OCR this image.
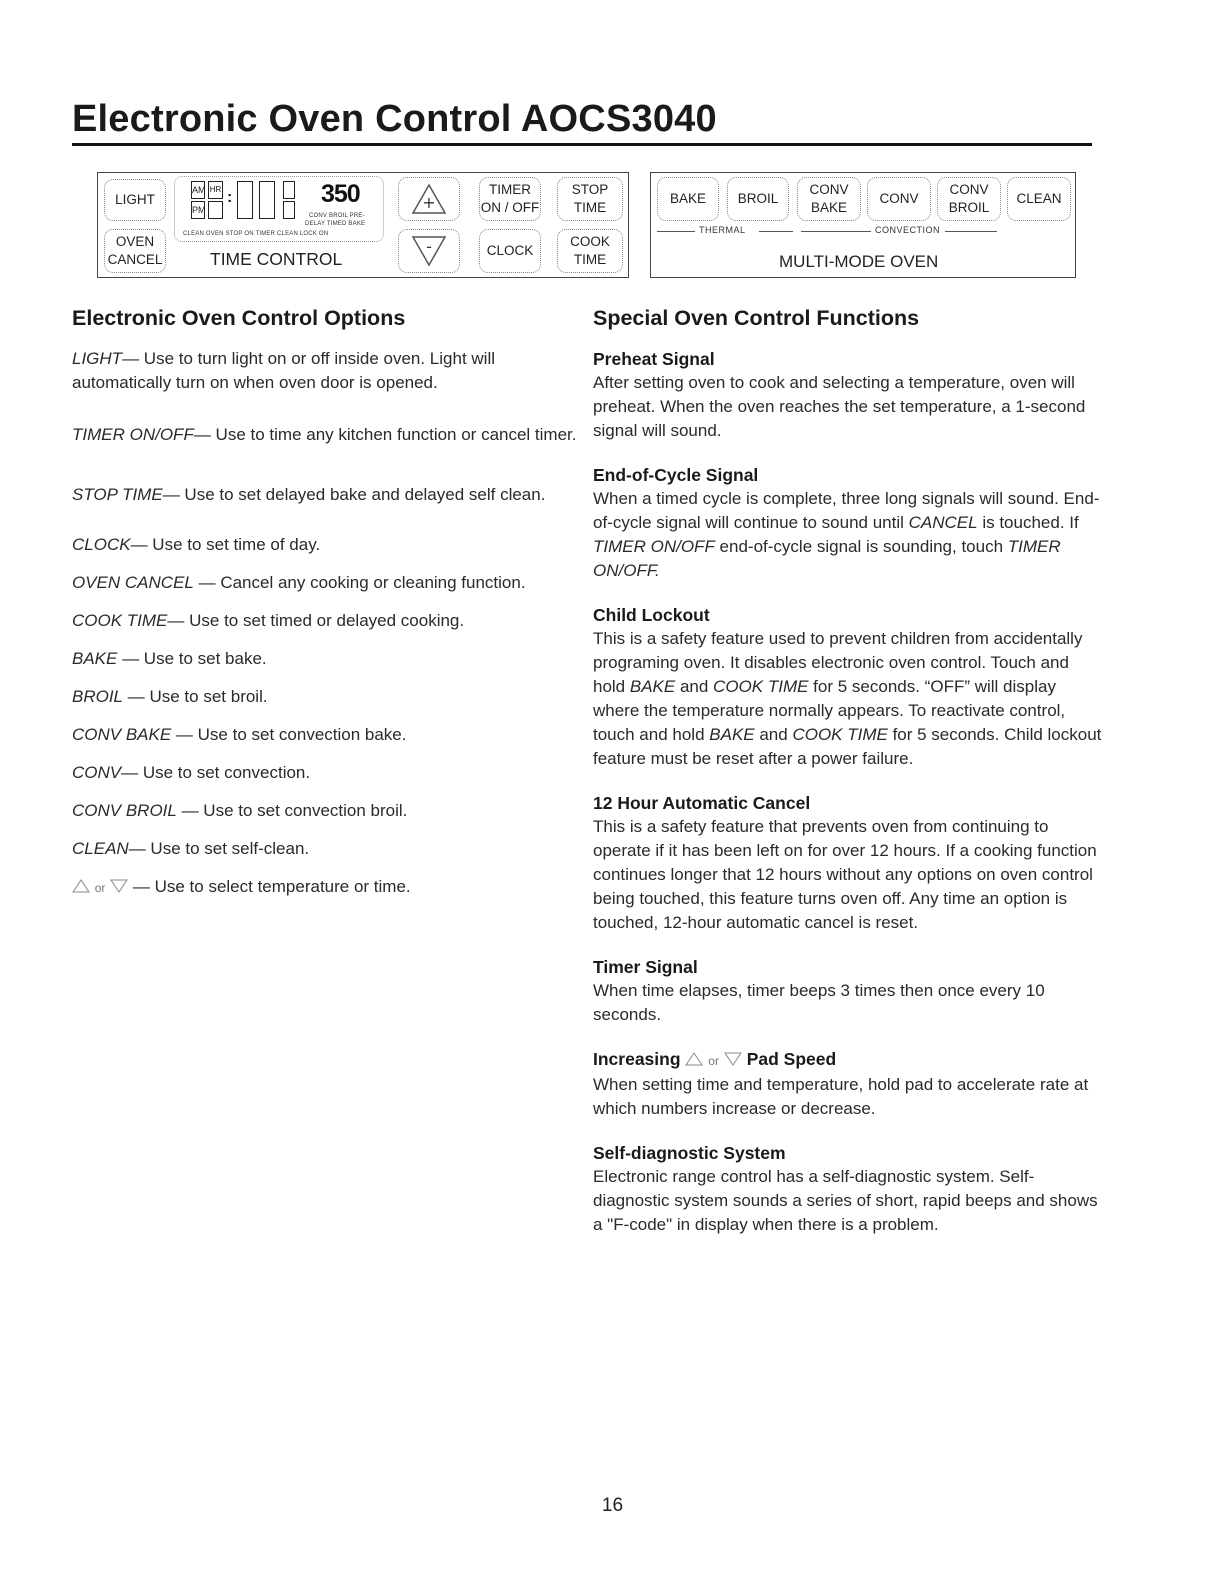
Electronic Oven Control AOCS3040
LIGHT
OVEN
CANCEL
AM
PM
HR :	350
CONV BROIL PRE-
DELAY TIMED BAKE
CLEAN OVEN STOP ON TIMER CLEAN LOCK ON
TIME CONTROL
+
-
TIMER
ON / OFF
CLOCK
STOP
TIME
COOK
TIME
BAKE BROIL
CONV
BAKE
CONV
CONV
BROIL
CLEAN
THERMAL	CONVECTION
MULTI-MODE OVEN
Electronic Oven Control Options
LIGHT— Use to turn light on or off inside oven. Light will automatically turn on when oven door is opened.
TIMER ON/OFF— Use to time any kitchen function or cancel timer.
STOP TIME— Use to set delayed bake and delayed self clean.
CLOCK— Use to set time of day.
OVEN CANCEL — Cancel any cooking or cleaning function.
COOK TIME— Use to set timed or delayed cooking.
BAKE — Use to set bake.
BROIL — Use to set broil.
CONV BAKE — Use to set convection bake.
CONV— Use to set convection.
CONV BROIL — Use to set convection broil.
CLEAN— Use to set self-clean.
or  — Use to select temperature or time.
Special Oven Control Functions
Preheat Signal
After setting oven to cook and selecting a temperature, oven will preheat. When the oven reaches the set temperature, a 1-second signal will sound.
End-of-Cycle Signal
When a timed cycle is complete, three long signals will sound. End-of-cycle signal will continue to sound until CANCEL is touched. If TIMER ON/OFF end-of-cycle signal is sounding, touch TIMER ON/OFF.
Child Lockout
This is a safety feature used to prevent children from accidentally programing oven. It disables electronic oven control. Touch and hold BAKE and COOK TIME for 5 seconds. “OFF” will display where the temperature normally appears. To reactivate control, touch and hold BAKE and COOK TIME for 5 seconds. Child lockout feature must be reset after a power failure.
12 Hour Automatic Cancel
This is a safety feature that prevents oven from continuing to operate if it has been left on for over 12 hours. If a cooking function continues longer that 12 hours without any options on oven control being touched, this feature turns oven off. Any time an option is touched, 12-hour automatic cancel is reset.
Timer Signal
When time elapses, timer beeps 3 times then once every 10 seconds.
Increasing or Pad Speed
When setting time and temperature, hold pad to accelerate rate at which numbers increase or decrease.
Self-diagnostic System
Electronic range control has a self-diagnostic system. Self-diagnostic system sounds a series of short, rapid beeps and shows a "F-code" in display when there is a problem.
16
